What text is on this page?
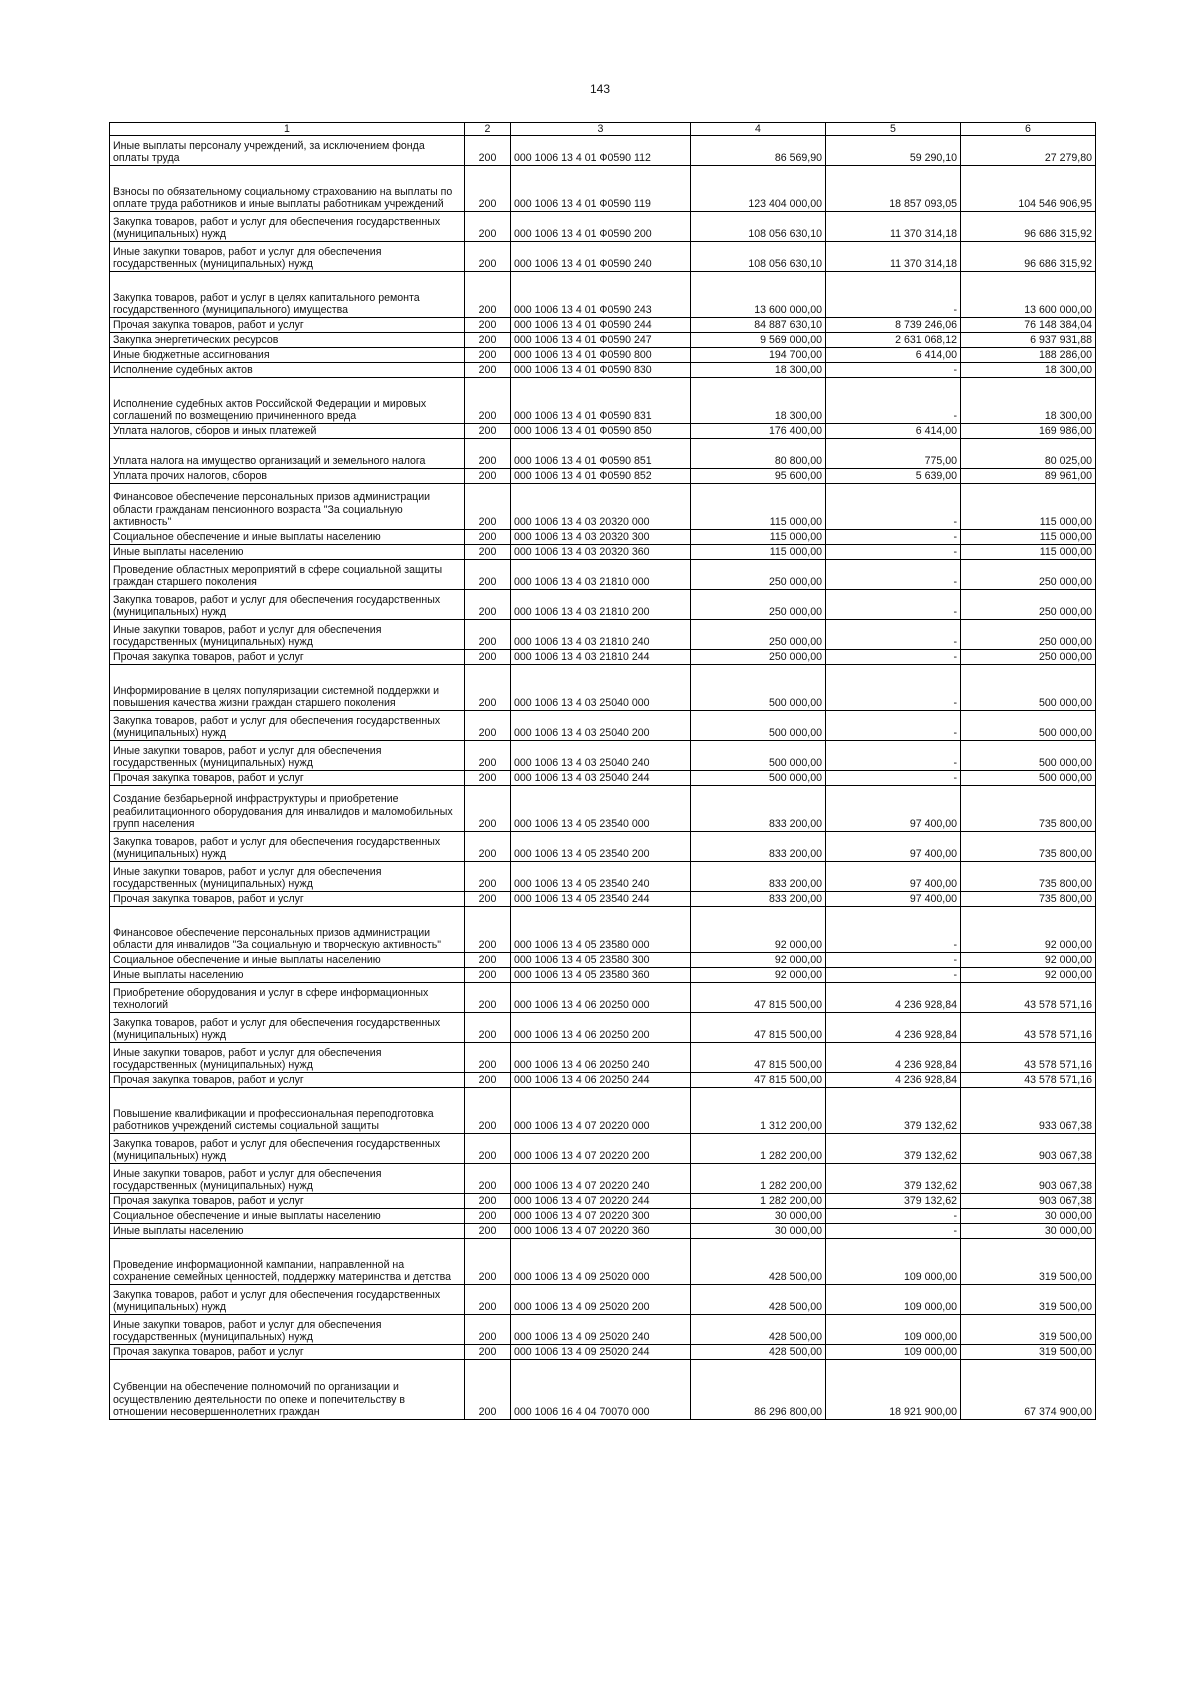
143
1	2	3	4	5	6
Иные выплаты персоналу учреждений, за исключением фонда оплаты труда	200	000 1006 13 4 01 Ф0590 112	86 569,90	59 290,10	27 279,80
Взносы по обязательному социальному страхованию на выплаты по оплате труда работников и иные выплаты работникам учреждений	200	000 1006 13 4 01 Ф0590 119	123 404 000,00	18 857 093,05	104 546 906,95
Закупка товаров, работ и услуг для обеспечения государственных (муниципальных) нужд	200	000 1006 13 4 01 Ф0590 200	108 056 630,10	11 370 314,18	96 686 315,92
Иные закупки товаров, работ и услуг для обеспечения государственных (муниципальных) нужд	200	000 1006 13 4 01 Ф0590 240	108 056 630,10	11 370 314,18	96 686 315,92
Закупка товаров, работ и услуг в целях капитального ремонта государственного (муниципального) имущества	200	000 1006 13 4 01 Ф0590 243	13 600 000,00	-	13 600 000,00
Прочая закупка товаров, работ и услуг	200	000 1006 13 4 01 Ф0590 244	84 887 630,10	8 739 246,06	76 148 384,04
Закупка энергетических ресурсов	200	000 1006 13 4 01 Ф0590 247	9 569 000,00	2 631 068,12	6 937 931,88
Иные бюджетные ассигнования	200	000 1006 13 4 01 Ф0590 800	194 700,00	6 414,00	188 286,00
Исполнение судебных актов	200	000 1006 13 4 01 Ф0590 830	18 300,00	-	18 300,00
Исполнение судебных актов Российской Федерации и мировых соглашений по возмещению причиненного вреда	200	000 1006 13 4 01 Ф0590 831	18 300,00	-	18 300,00
Уплата налогов, сборов и иных платежей	200	000 1006 13 4 01 Ф0590 850	176 400,00	6 414,00	169 986,00
Уплата налога на имущество организаций и земельного налога	200	000 1006 13 4 01 Ф0590 851	80 800,00	775,00	80 025,00
Уплата прочих налогов, сборов	200	000 1006 13 4 01 Ф0590 852	95 600,00	5 639,00	89 961,00
Финансовое обеспечение персональных призов администрации области гражданам пенсионного возраста "За социальную активность"	200	000 1006 13 4 03 20320 000	115 000,00	-	115 000,00
Социальное обеспечение и иные выплаты населению	200	000 1006 13 4 03 20320 300	115 000,00	-	115 000,00
Иные выплаты населению	200	000 1006 13 4 03 20320 360	115 000,00	-	115 000,00
Проведение областных мероприятий в сфере социальной защиты граждан старшего поколения	200	000 1006 13 4 03 21810 000	250 000,00	-	250 000,00
Закупка товаров, работ и услуг для обеспечения государственных (муниципальных) нужд	200	000 1006 13 4 03 21810 200	250 000,00	-	250 000,00
Иные закупки товаров, работ и услуг для обеспечения государственных (муниципальных) нужд	200	000 1006 13 4 03 21810 240	250 000,00	-	250 000,00
Прочая закупка товаров, работ и услуг	200	000 1006 13 4 03 21810 244	250 000,00	-	250 000,00
Информирование в целях популяризации системной поддержки и повышения качества жизни граждан старшего поколения	200	000 1006 13 4 03 25040 000	500 000,00	-	500 000,00
Закупка товаров, работ и услуг для обеспечения государственных (муниципальных) нужд	200	000 1006 13 4 03 25040 200	500 000,00	-	500 000,00
Иные закупки товаров, работ и услуг для обеспечения государственных (муниципальных) нужд	200	000 1006 13 4 03 25040 240	500 000,00	-	500 000,00
Прочая закупка товаров, работ и услуг	200	000 1006 13 4 03 25040 244	500 000,00	-	500 000,00
Создание безбарьерной инфраструктуры и приобретение реабилитационного оборудования для инвалидов и маломобильных групп населения	200	000 1006 13 4 05 23540 000	833 200,00	97 400,00	735 800,00
Закупка товаров, работ и услуг для обеспечения государственных (муниципальных) нужд	200	000 1006 13 4 05 23540 200	833 200,00	97 400,00	735 800,00
Иные закупки товаров, работ и услуг для обеспечения государственных (муниципальных) нужд	200	000 1006 13 4 05 23540 240	833 200,00	97 400,00	735 800,00
Прочая закупка товаров, работ и услуг	200	000 1006 13 4 05 23540 244	833 200,00	97 400,00	735 800,00
Финансовое обеспечение персональных призов администрации области для инвалидов "За социальную и творческую активность"	200	000 1006 13 4 05 23580 000	92 000,00	-	92 000,00
Социальное обеспечение и иные выплаты населению	200	000 1006 13 4 05 23580 300	92 000,00	-	92 000,00
Иные выплаты населению	200	000 1006 13 4 05 23580 360	92 000,00	-	92 000,00
Приобретение оборудования и услуг в сфере информационных технологий	200	000 1006 13 4 06 20250 000	47 815 500,00	4 236 928,84	43 578 571,16
Закупка товаров, работ и услуг для обеспечения государственных (муниципальных) нужд	200	000 1006 13 4 06 20250 200	47 815 500,00	4 236 928,84	43 578 571,16
Иные закупки товаров, работ и услуг для обеспечения государственных (муниципальных) нужд	200	000 1006 13 4 06 20250 240	47 815 500,00	4 236 928,84	43 578 571,16
Прочая закупка товаров, работ и услуг	200	000 1006 13 4 06 20250 244	47 815 500,00	4 236 928,84	43 578 571,16
Повышение квалификации и профессиональная переподготовка работников учреждений системы социальной защиты	200	000 1006 13 4 07 20220 000	1 312 200,00	379 132,62	933 067,38
Закупка товаров, работ и услуг для обеспечения государственных (муниципальных) нужд	200	000 1006 13 4 07 20220 200	1 282 200,00	379 132,62	903 067,38
Иные закупки товаров, работ и услуг для обеспечения государственных (муниципальных) нужд	200	000 1006 13 4 07 20220 240	1 282 200,00	379 132,62	903 067,38
Прочая закупка товаров, работ и услуг	200	000 1006 13 4 07 20220 244	1 282 200,00	379 132,62	903 067,38
Социальное обеспечение и иные выплаты населению	200	000 1006 13 4 07 20220 300	30 000,00	-	30 000,00
Иные выплаты населению	200	000 1006 13 4 07 20220 360	30 000,00	-	30 000,00
Проведение информационной кампании, направленной на сохранение семейных ценностей, поддержку материнства и детства	200	000 1006 13 4 09 25020 000	428 500,00	109 000,00	319 500,00
Закупка товаров, работ и услуг для обеспечения государственных (муниципальных) нужд	200	000 1006 13 4 09 25020 200	428 500,00	109 000,00	319 500,00
Иные закупки товаров, работ и услуг для обеспечения государственных (муниципальных) нужд	200	000 1006 13 4 09 25020 240	428 500,00	109 000,00	319 500,00
Прочая закупка товаров, работ и услуг	200	000 1006 13 4 09 25020 244	428 500,00	109 000,00	319 500,00
Субвенции на обеспечение полномочий по организации и осуществлению деятельности по опеке и попечительству в отношении несовершеннолетних граждан	200	000 1006 16 4 04 70070 000	86 296 800,00	18 921 900,00	67 374 900,00
